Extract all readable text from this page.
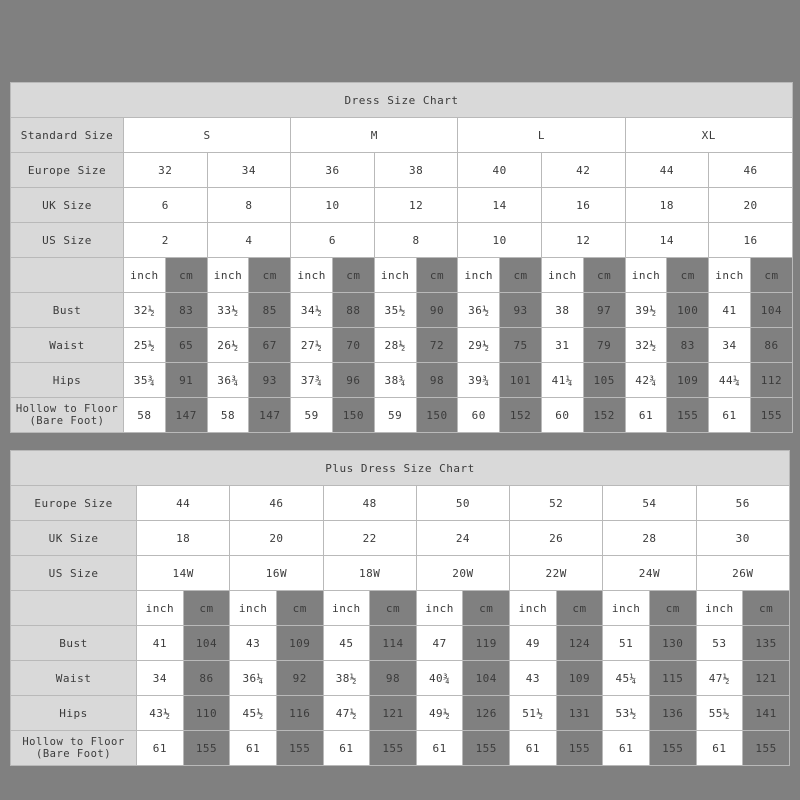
Dress Size Chart																
Standard Size	S				M				L				XL			
Europe Size	32		34		36		38		40		42		44		46	
UK Size	6		8		10		12		14		16		18		20	
US Size	2		4		6		8		10		12		14		16	
	inch	cm	inch	cm	inch	cm	inch	cm	inch	cm	inch	cm	inch	cm	inch	cm
Bust	32½	83	33½	85	34½	88	35½	90	36½	93	38	97	39½	100	41	104
Waist	25½	65	26½	67	27½	70	28½	72	29½	75	31	79	32½	83	34	86
Hips	35¾	91	36¾	93	37¾	96	38¾	98	39¾	101	41¼	105	42¾	109	44¼	112
Hollow to Floor
(Bare Foot)	58	147	58	147	59	150	59	150	60	152	60	152	61	155	61	155
Plus Dress Size Chart														
Europe Size	44		46		48		50		52		54		56	
UK Size	18		20		22		24		26		28		30	
US Size	14W		16W		18W		20W		22W		24W		26W	
	inch	cm	inch	cm	inch	cm	inch	cm	inch	cm	inch	cm	inch	cm
Bust	41	104	43	109	45	114	47	119	49	124	51	130	53	135
Waist	34	86	36¼	92	38½	98	40¾	104	43	109	45¼	115	47½	121
Hips	43½	110	45½	116	47½	121	49½	126	51½	131	53½	136	55½	141
Hollow to Floor
(Bare Foot)	61	155	61	155	61	155	61	155	61	155	61	155	61	155
